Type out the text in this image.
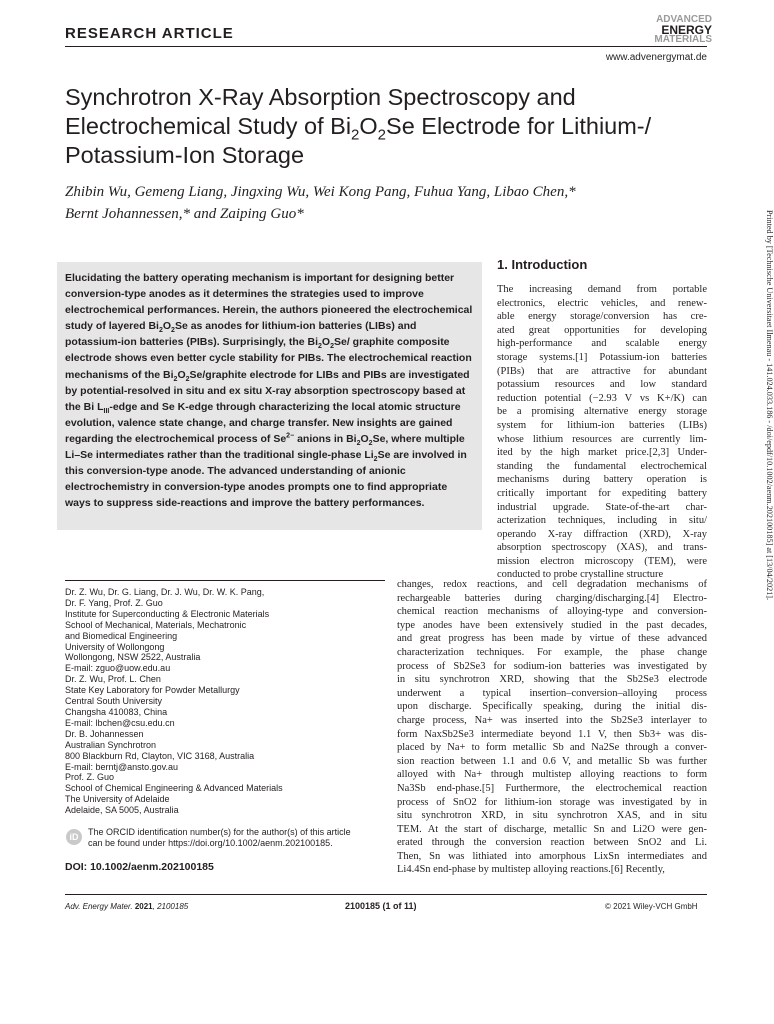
RESEARCH ARTICLE
ADVANCED
ENERGY
MATERIALS
www.advenergymat.de
Synchrotron X-Ray Absorption Spectroscopy and Electrochemical Study of $Bi_2O_2Se$ Electrode for Lithium-/ Potassium-Ion Storage
Zhibin Wu, Gemeng Liang, Jingxing Wu, Wei Kong Pang, Fuhua Yang, Libao Chen,*
Bernt Johannessen,* and Zaiping Guo*	Printed by [Technische Universitaet Ilmenau - 141.024.033.186 - /doi/epdf/10.1002/aenm.202100185] at [13/04/2021].
Elucidating the battery operating mechanism is important for designing better conversion-type anodes as it determines the strategies used to improve electrochemical performances. Herein, the authors pioneered the electrochemical study of layered $Bi_2O_2Se$ as anodes for lithium-ion batteries (LIBs) and potassium-ion batteries (PIBs). Surprisingly, the $Bi_2O_2Se/$ graphite composite electrode shows even better cycle stability for PIBs. The electrochemical reaction mechanisms of the $Bi_2O_2Se$/graphite electrode for LIBs and PIBs are investigated by potential-resolved in situ and ex situ X-ray absorption spectroscopy based at the Bi $L_{III}$-edge and Se K-edge through characterizing the local atomic structure evolution, valence state change, and charge transfer. New insights are gained regarding the electrochemical process of $Se^{2-}$ anions in $Bi_2O_2Se$, where multiple Li–Se intermediates rather than the traditional single-phase $Li_2Se$ are involved in this conversion-type anode. The advanced understanding of anionic electrochemistry in conversion-type anodes prompts one to find appropriate ways to suppress side-reactions and improve the battery performances.
1. Introduction
The increasing demand from portable
electronics, electric vehicles, and renew-
able energy storage/conversion has cre-
ated great opportunities for developing
high-performance and scalable energy
storage systems.[1] Potassium-ion batteries
(PIBs) that are attractive for abundant
potassium resources and low standard
reduction potential (−2.93 V vs K+/K) can
be a promising alternative energy storage
system for lithium-ion batteries (LIBs)
whose lithium resources are currently lim-
ited by the high market price.[2,3] Under-
standing the fundamental electrochemical
mechanisms during battery operation is
critically important for expediting battery
industrial upgrade. State-of-the-art char-
acterization techniques, including in situ/
operando X-ray diffraction (XRD), X-ray
absorption spectroscopy (XAS), and trans-
mission electron microscopy (TEM), were
conducted to probe crystalline structure
changes, redox reactions, and cell degradation mechanisms of
rechargeable batteries during charging/discharging.[4] Electro-
chemical reaction mechanisms of alloying-type and conversion-
type anodes have been extensively studied in the past decades,
and great progress has been made by virtue of these advanced
characterization techniques. For example, the phase change
process of Sb2Se3 for sodium-ion batteries was investigated by
in situ synchrotron XRD, showing that the Sb2Se3 electrode
underwent a typical insertion–conversion–alloying process
upon discharge. Specifically speaking, during the initial dis-
charge process, Na+ was inserted into the Sb2Se3 interlayer to
form NaxSb2Se3 intermediate beyond 1.1 V, then Sb3+ was dis-
placed by Na+ to form metallic Sb and Na2Se through a conver-
sion reaction between 1.1 and 0.6 V, and metallic Sb was further
alloyed with Na+ through multistep alloying reactions to form
Na3Sb end-phase.[5] Furthermore, the electrochemical reaction
process of SnO2 for lithium-ion storage was investigated by in
situ synchrotron XRD, in situ synchrotron XAS, and in situ
TEM. At the start of discharge, metallic Sn and Li2O were gen-
erated through the conversion reaction between SnO2 and Li.
Then, Sn was lithiated into amorphous LixSn intermediates and
Li4.4Sn end-phase by multistep alloying reactions.[6] Recently,
Dr. Z. Wu, Dr. G. Liang, Dr. J. Wu, Dr. W. K. Pang,
Dr. F. Yang, Prof. Z. Guo
Institute for Superconducting & Electronic Materials
School of Mechanical, Materials, Mechatronic
and Biomedical Engineering
University of Wollongong
Wollongong, NSW 2522, Australia
E-mail: zguo@uow.edu.au
Dr. Z. Wu, Prof. L. Chen
State Key Laboratory for Powder Metallurgy
Central South University
Changsha 410083, China
E-mail: lbchen@csu.edu.cn
Dr. B. Johannessen
Australian Synchrotron
800 Blackburn Rd, Clayton, VIC 3168, Australia
E-mail: berntj@ansto.gov.au
Prof. Z. Guo
School of Chemical Engineering & Advanced Materials
The University of Adelaide
Adelaide, SA 5005, Australia
iD	The ORCID identification number(s) for the author(s) of this article
can be found under https://doi.org/10.1002/aenm.202100185.
DOI: 10.1002/aenm.202100185
Adv. Energy Mater. 2021, 2100185	2100185 (1 of 11)	© 2021 Wiley-VCH GmbH
